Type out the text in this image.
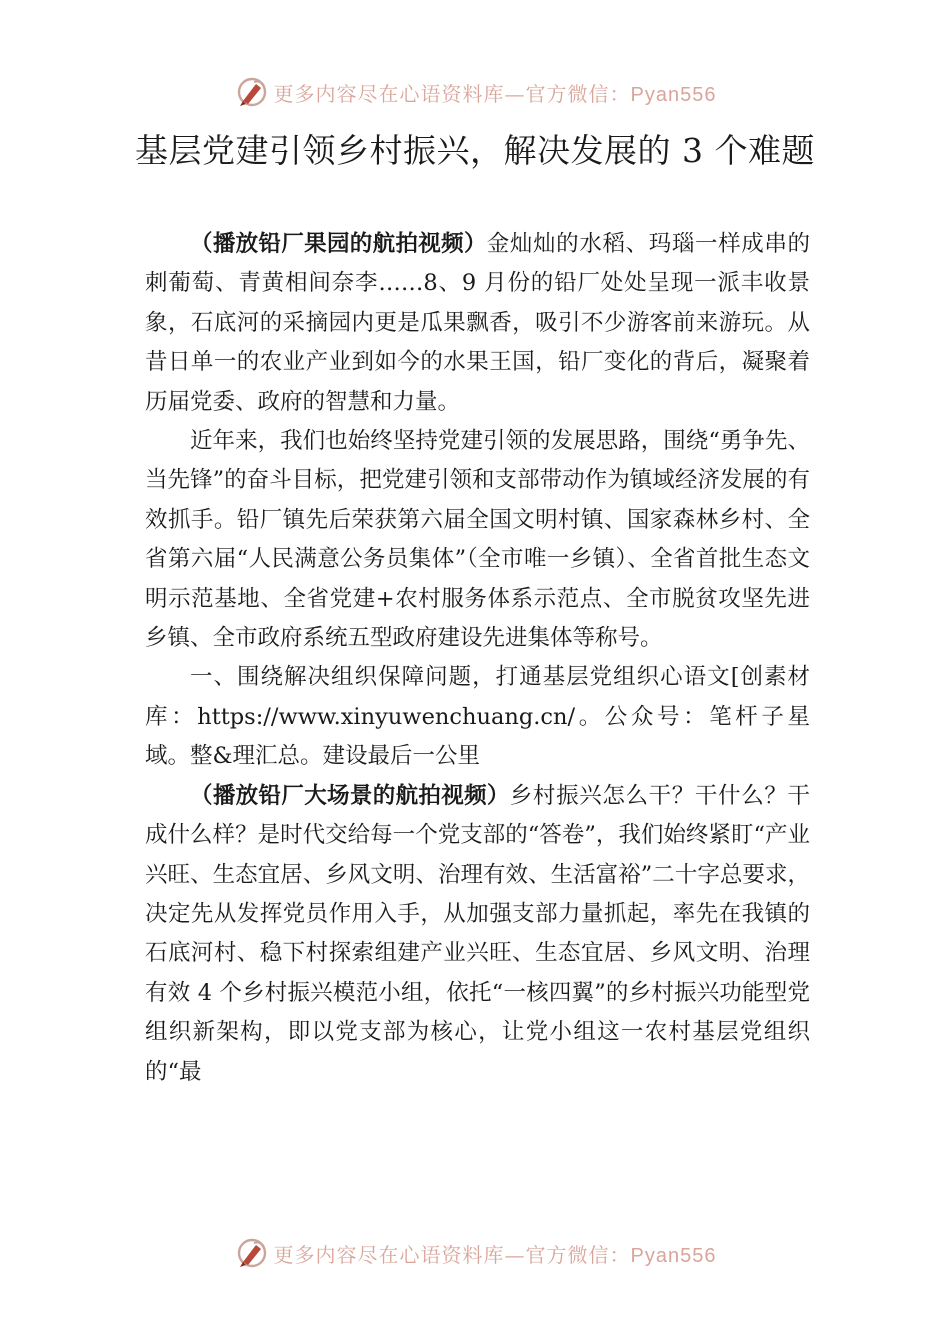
更多内容尽在心语资料库—官方微信：Pyan556
基层党建引领乡村振兴，解决发展的 3 个难题

（播放铅厂果园的航拍视频）金灿灿的水稻、玛瑙一样成串的刺葡萄、青黄相间奈李……8、9 月份的铅厂处处呈现一派丰收景象，石底河的采摘园内更是瓜果飘香，吸引不少游客前来游玩。从昔日单一的农业产业到如今的水果王国，铅厂变化的背后，凝聚着历届党委、政府的智慧和力量。

近年来，我们也始终坚持党建引领的发展思路，围绕“勇争先、当先锋”的奋斗目标，把党建引领和支部带动作为镇域经济发展的有效抓手。铅厂镇先后荣获第六届全国文明村镇、国家森林乡村、全省第六届“人民满意公务员集体”（全市唯一乡镇）、全省首批生态文明示范基地、全省党建+农村服务体系示范点、全市脱贫攻坚先进乡镇、全市政府系统五型政府建设先进集体等称号。

一、围绕解决组织保障问题，打通基层党组织心语文[创素材库：https://www.xinyuwenchuang.cn/。公众号：笔杆子星域。整&理汇总。建设最后一公里

（播放铅厂大场景的航拍视频）乡村振兴怎么干？干什么？干成什么样？是时代交给每一个党支部的“答卷”，我们始终紧盯“产业兴旺、生态宜居、乡风文明、治理有效、生活富裕”二十字总要求，决定先从发挥党员作用入手，从加强支部力量抓起，率先在我镇的石底河村、稳下村探索组建产业兴旺、生态宜居、乡风文明、治理有效 4 个乡村振兴模范小组，依托“一核四翼”的乡村振兴功能型党组织新架构，即以党支部为核心，让党小组这一农村基层党组织的“最

更多内容尽在心语资料库—官方微信：Pyan556
